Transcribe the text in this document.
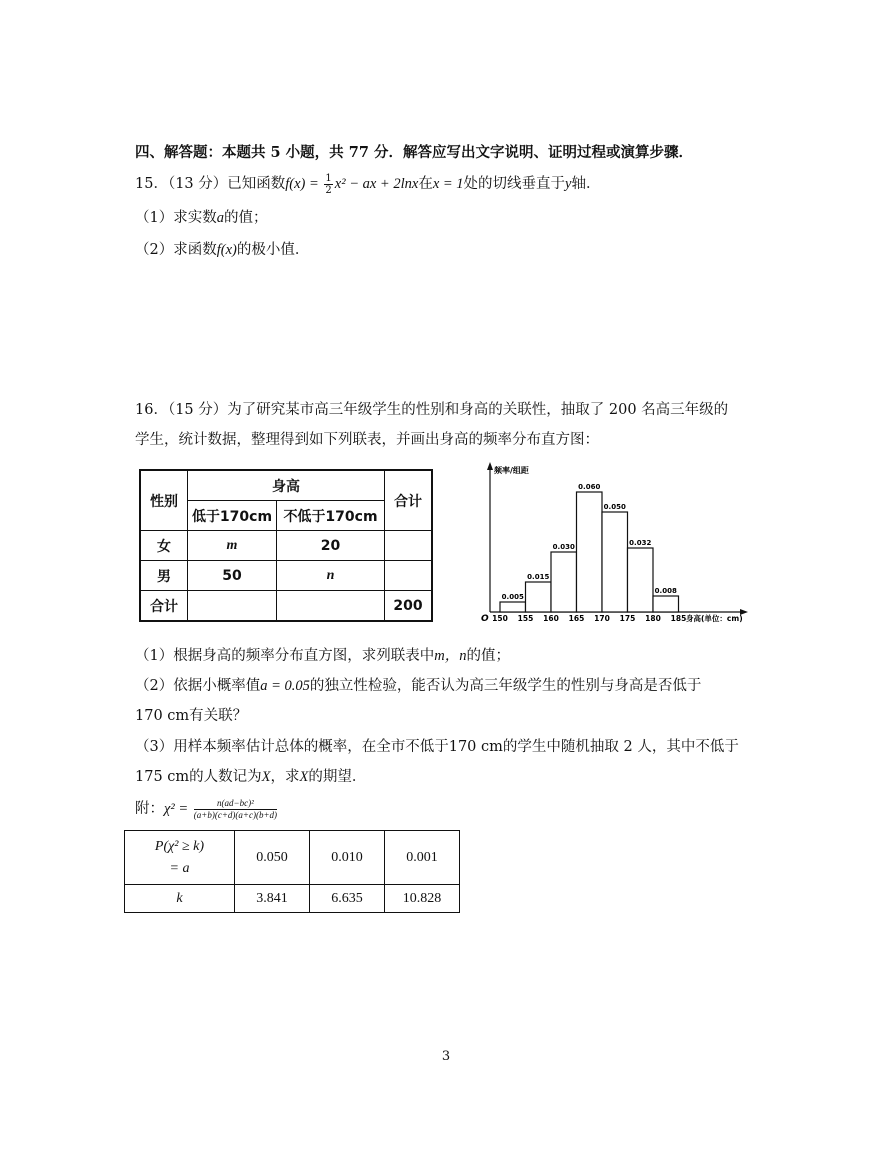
四、解答题：本题共 5 小题，共 77 分．解答应写出文字说明、证明过程或演算步骤．
15．（13 分）已知函数$f(x) = \frac{1}{2} x^2$ − ax + 2lnx在x = 1处的切线垂直于y轴．
（1）求实数a的值；
（2）求函数f(x)的极小值．
16．（15 分）为了研究某市高三年级学生的性别和身高的关联性，抽取了 200 名高三年级的
学生，统计数据，整理得到如下列联表，并画出身高的频率分布直方图：
性别	身高		合计
	低于170cm	不低于170cm	
女	m	20	
男	50	n	
合计			200
频率/组距
O	身高(单位：cm)
150 155 160 165 170 175 180 185
0.005
0.015
0.030
0.060
0.050
0.032
0.008
（1）根据身高的频率分布直方图，求列联表中m，n的值；
（2）依据小概率值a = 0.05的独立性检验，能否认为高三年级学生的性别与身高是否低于
170 cm有关联？
（3）用样本频率估计总体的概率，在全市不低于170 cm的学生中随机抽取 2 人，其中不低于
175 cm的人数记为X，求X的期望．
附：$\chi^2 = \frac{\text{n(ad−bc)²}}{(a+b)(c+d)(a+c)(b+d)}$
P(χ² ≥ k)
= a	0.050	0.010	0.001
k	3.841	6.635	10.828
3
